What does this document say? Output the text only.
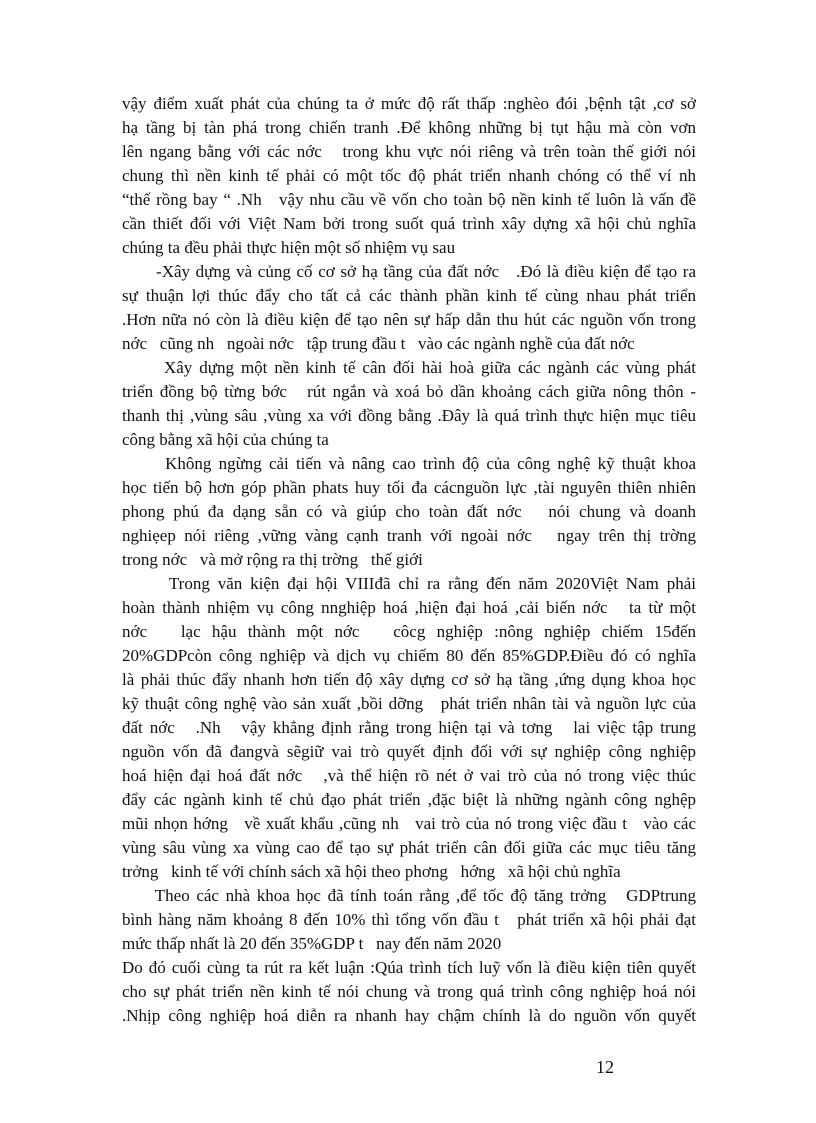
vậy điểm xuất phát của chúng ta ở mức độ rất thấp :nghèo đói ,bệnh tật ,cơ sở
hạ tầng bị tàn phá trong chiến tranh .Để không những bị tụt hậu mà còn vơn
lên ngang bằng với các nớc   trong khu vực nói riêng và trên toàn thế giới nói
chung thì nền kinh tế phải có một tốc độ phát triển nhanh chóng có thể ví nh
“thế rồng bay “ .Nh   vậy nhu cầu về vốn cho toàn bộ nền kinh tế luôn là vấn đề
cần thiết đối với Việt Nam bởi trong suốt quá trình xây dựng xã hội chủ nghĩa
chúng ta đều phải thực hiện một số nhiệm vụ sau
-Xây dựng và củng cố cơ sở hạ tầng của đất nớc   .Đó là điều kiện để tạo ra
sự thuận lợi thúc đẩy cho tất cả các thành phần kinh tế cùng nhau phát triển
.Hơn nữa nó còn là điều kiện để tạo nên sự hấp dẫn thu hút các nguồn vốn trong
nớc   cũng nh   ngoài nớc   tập trung đầu t   vào các ngành nghề của đất nớc
Xây dựng một nền kinh tế cân đối hài hoà giữa các ngành các vùng phát
triển đồng bộ từng bớc   rút ngắn và xoá bỏ dần khoảng cách giữa nông thôn -
thanh thị ,vùng sâu ,vùng xa với đồng bằng .Đây là quá trình thực hiện mục tiêu
công bằng xã hội của chúng ta
Không ngừng cải tiến và nâng cao trình độ của công nghệ kỹ thuật khoa
học tiến bộ hơn góp phần phats huy tối đa cácnguồn lực ,tài nguyên thiên nhiên
phong phú đa dạng sẵn có và giúp cho toàn đất nớc   nói chung và doanh
nghiẹep nói riêng ,vững vàng cạnh tranh với ngoài nớc   ngay trên thị trờng
trong nớc   và mở rộng ra thị trờng   thế giới
Trong văn kiện đại hội VIIIđã chỉ ra rằng đến năm 2020Việt Nam phải
hoàn thành nhiệm vụ công nnghiệp hoá ,hiện đại hoá ,cải biến nớc   ta từ một
nớc   lạc hậu thành một nớc   côcg nghiệp :nông nghiệp chiếm 15đến
20%GDPcòn công nghiệp và dịch vụ chiếm 80 đến 85%GDP.Điều đó có nghĩa
là phải thúc đẩy nhanh hơn tiến độ xây dựng cơ sở hạ tầng ,ứng dụng khoa học
kỹ thuật công nghệ vào sản xuất ,bồi dỡng   phát triển nhân tài và nguồn lực của
đất nớc   .Nh   vậy khẳng định rằng trong hiện tại và tơng   lai việc tập trung
nguồn vốn đã đangvà sẽgiữ vai trò quyết định đối với sự nghiệp công nghiệp
hoá hiện đại hoá đất nớc   ,và thể hiện rõ nét ở vai trò của nó trong việc thúc
đẩy các ngành kinh tế chủ đạo phát triển ,đặc biệt là những ngành công nghệp
mũi nhọn hớng   về xuất khẩu ,cũng nh   vai trò của nó trong việc đầu t   vào các
vùng sâu vùng xa vùng cao để tạo sự phát triển cân đối giữa các mục tiêu tăng
trởng   kinh tế với chính sách xã hội theo phơng   hớng   xã hội chủ nghĩa
Theo các nhà khoa học đã tính toán rằng ,để tốc độ tăng trởng   GDPtrung
bình hàng năm khoảng 8 đến 10% thì tổng vốn đầu t   phát triển xã hội phải đạt
mức thấp nhất là 20 đến 35%GDP t   nay đến năm 2020
Do đó cuối cùng ta rút ra kết luận :Qúa trình tích luỹ vốn là điều kiện tiên quyết
cho sự phát triển nền kinh tế nói chung và trong quá trình công nghiệp hoá nói
.Nhịp công nghiệp hoá diễn ra nhanh hay chậm chính là do nguồn vốn quyết
12
